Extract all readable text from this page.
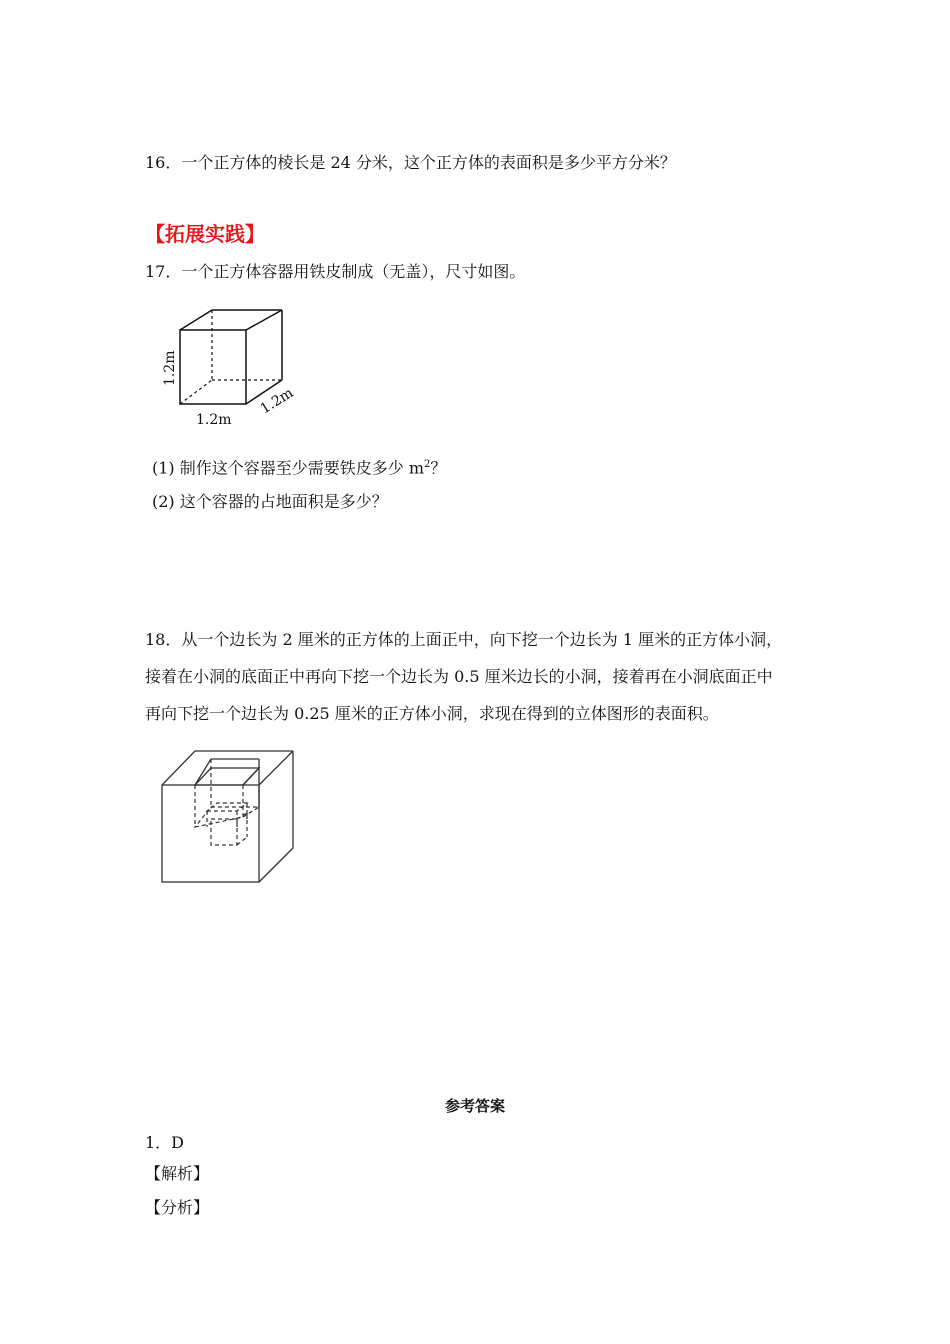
16．一个正方体的棱长是 24 分米，这个正方体的表面积是多少平方分米？
【拓展实践】
17．一个正方体容器用铁皮制成（无盖），尺寸如图。
1.2m
1.2m
1.2m
(1) 制作这个容器至少需要铁皮多少 $m^2$？
(2) 这个容器的占地面积是多少？
18．从一个边长为 2 厘米的正方体的上面正中，向下挖一个边长为 1 厘米的正方体小洞，
接着在小洞的底面正中再向下挖一个边长为 0.5 厘米边长的小洞，接着再在小洞底面正中
再向下挖一个边长为 0.25 厘米的正方体小洞，求现在得到的立体图形的表面积。
参考答案
1．D
【解析】
【分析】
